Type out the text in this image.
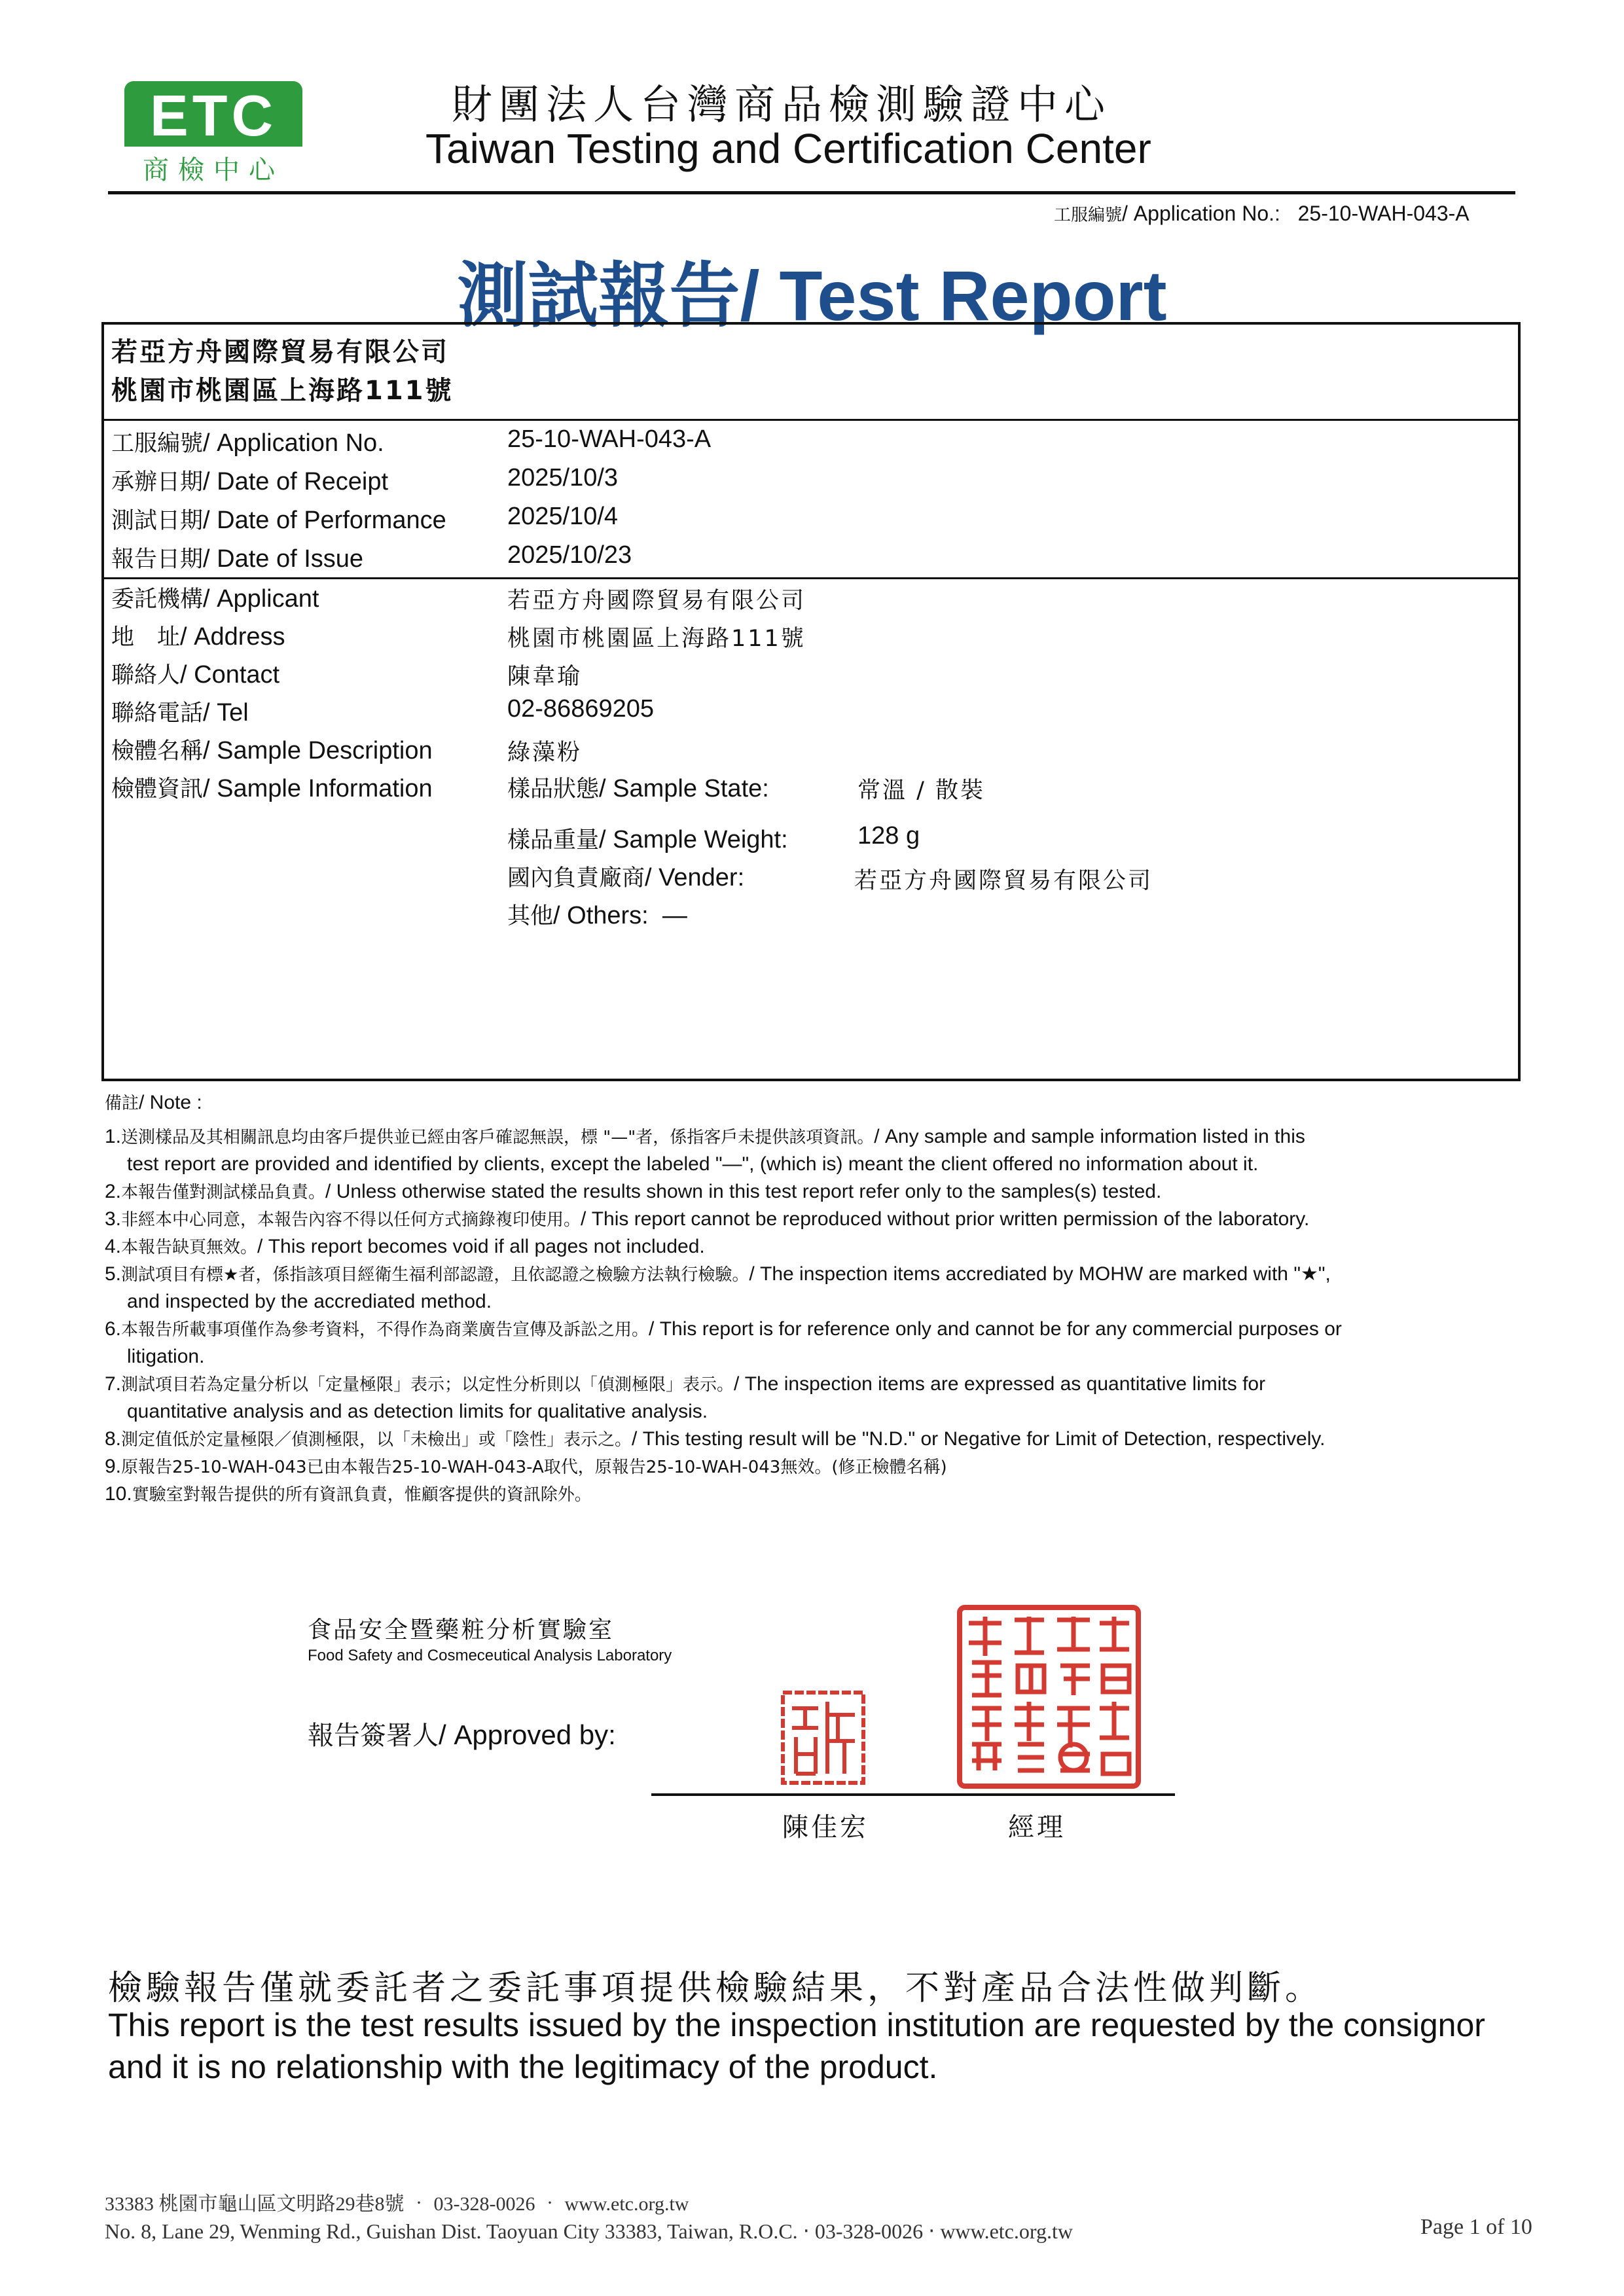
ETC
商檢中心
財團法人台灣商品檢測驗證中心
Taiwan Testing and Certification Center
工服編號/ Application No.: 25-10-WAH-043-A
測試報告/ Test Report
若亞方舟國際貿易有限公司
桃園市桃園區上海路111號
工服編號/ Application No.	25-10-WAH-043-A
承辦日期/ Date of Receipt	2025/10/3
測試日期/ Date of Performance 2025/10/4
報告日期/ Date of Issue	2025/10/23
委託機構/ Applicant	若亞方舟國際貿易有限公司
地　址/ Address	桃園市桃園區上海路111號
聯絡人/ Contact	陳韋瑜
聯絡電話/ Tel	02-86869205
檢體名稱/ Sample Description	綠藻粉
檢體資訊/ Sample Information	樣品狀態/ Sample State:	常溫 / 散裝
樣品重量/ Sample Weight:	128 g
國內負責廠商/ Vender:	若亞方舟國際貿易有限公司
其他/ Others: —
備註/ Note :
1.送測樣品及其相關訊息均由客戶提供並已經由客戶確認無誤，標 "—"者，係指客戶未提供該項資訊。/ Any sample and sample information listed in this
test report are provided and identified by clients, except the labeled "—", (which is) meant the client offered no information about it.
2.本報告僅對測試樣品負責。/ Unless otherwise stated the results shown in this test report refer only to the samples(s) tested.
3.非經本中心同意，本報告內容不得以任何方式摘錄複印使用。/ This report cannot be reproduced without prior written permission of the laboratory.
4.本報告缺頁無效。/ This report becomes void if all pages not included.
5.測試項目有標★者，係指該項目經衛生福利部認證，且依認證之檢驗方法執行檢驗。/ The inspection items accrediated by MOHW are marked with "★",
and inspected by the accrediated method.
6.本報告所載事項僅作為參考資料，不得作為商業廣告宣傳及訴訟之用。/ This report is for reference only and cannot be for any commercial purposes or
litigation.
7.測試項目若為定量分析以「定量極限」表示；以定性分析則以「偵測極限」表示。/ The inspection items are expressed as quantitative limits for
quantitative analysis and as detection limits for qualitative analysis.
8.測定值低於定量極限／偵測極限，以「未檢出」或「陰性」表示之。/ This testing result will be "N.D." or Negative for Limit of Detection, respectively.
9.原報告25-10-WAH-043已由本報告25-10-WAH-043-A取代，原報告25-10-WAH-043無效。(修正檢體名稱)
10.實驗室對報告提供的所有資訊負責，惟顧客提供的資訊除外。
食品安全暨藥粧分析實驗室
Food Safety and Cosmeceutical Analysis Laboratory
報告簽署人/ Approved by:
陳佳宏	經理
檢驗報告僅就委託者之委託事項提供檢驗結果，不對產品合法性做判斷。
This report is the test results issued by the inspection institution are requested by the consignor and it is no relationship with the legitimacy of the product.
33383 桃園市龜山區文明路29巷8號 ‧ 03-328-0026 ‧ www.etc.org.tw
No. 8, Lane 29, Wenming Rd., Guishan Dist. Taoyuan City 33383, Taiwan, R.O.C. ‧ 03-328-0026 ‧ www.etc.org.tw	Page 1 of 10
